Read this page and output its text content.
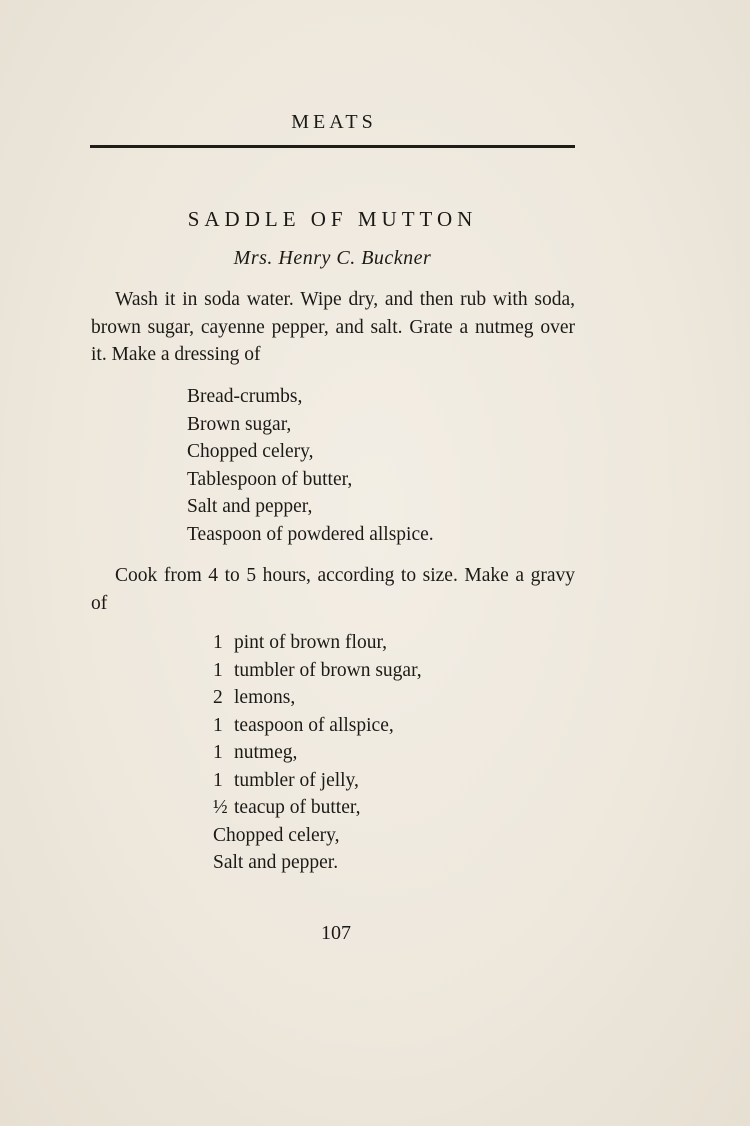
MEATS
SADDLE OF MUTTON
Mrs. Henry C. Buckner
Wash it in soda water. Wipe dry, and then rub with soda, brown sugar, cayenne pepper, and salt. Grate a nutmeg over it. Make a dressing of
Bread-crumbs,
Brown sugar,
Chopped celery,
Tablespoon of butter,
Salt and pepper,
Teaspoon of powdered allspice.
Cook from 4 to 5 hours, according to size. Make a gravy of
1 pint of brown flour,
1 tumbler of brown sugar,
2 lemons,
1 teaspoon of allspice,
1 nutmeg,
1 tumbler of jelly,
½ teacup of butter,
Chopped celery,
Salt and pepper.
107
